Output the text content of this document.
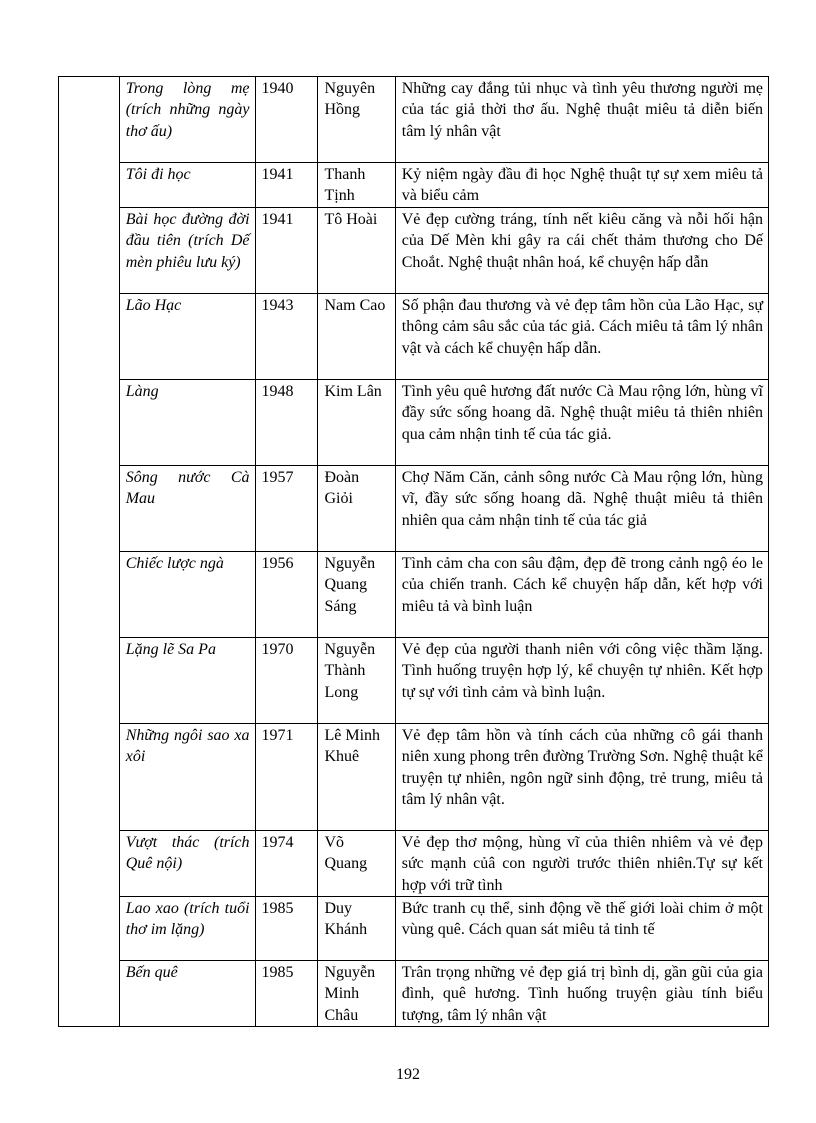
	Trong lòng mẹ (trích những ngày thơ ấu)	1940	Nguyên Hồng	Những cay đắng tủi nhục và tình yêu thương người mẹ của tác giả thời thơ ấu. Nghệ thuật miêu tả diễn biến tâm lý nhân vật
	Tôi đi học	1941	Thanh Tịnh	Kỷ niệm ngày đầu đi học Nghệ thuật tự sự xem miêu tả và biểu cảm
	Bài học đường đời đầu tiên (trích Dế mèn phiêu lưu ký)	1941	Tô Hoài	Vẻ đẹp cường tráng, tính nết kiêu căng và nỗi hối hận của Dế Mèn khi gây ra cái chết thảm thương cho Dế Choắt. Nghệ thuật nhân hoá, kể chuyện hấp dẫn
	Lão Hạc	1943	Nam Cao	Số phận đau thương và vẻ đẹp tâm hồn của Lão Hạc, sự thông cảm sâu sắc của tác giả. Cách miêu tả tâm lý nhân vật và cách kể chuyện hấp dẫn.
	Làng	1948	Kim Lân	Tình yêu quê hương đất nước Cà Mau rộng lớn, hùng vĩ đầy sức sống hoang dã. Nghệ thuật miêu tả thiên nhiên qua cảm nhận tinh tế của tác giả.
	Sông nước Cà Mau	1957	Đoàn Giỏi	Chợ Năm Căn, cảnh sông nước Cà Mau rộng lớn, hùng vĩ, đầy sức sống hoang dã. Nghệ thuật miêu tả thiên nhiên qua cảm nhận tinh tế của tác giả
	Chiếc lược ngà	1956	Nguyễn Quang Sáng	Tình cảm cha con sâu đậm, đẹp đẽ trong cảnh ngộ éo le của chiến tranh. Cách kể chuyện hấp dẫn, kết hợp với miêu tả và bình luận
	Lặng lẽ Sa Pa	1970	Nguyễn Thành Long	Vẻ đẹp của người thanh niên với công việc thầm lặng. Tình huống truyện hợp lý, kể chuyện tự nhiên. Kết hợp tự sự với tình cảm và bình luận.
	Những ngôi sao xa xôi	1971	Lê Minh Khuê	Vẻ đẹp tâm hồn và tính cách của những cô gái thanh niên xung phong trên đường Trường Sơn. Nghệ thuật kể truyện tự nhiên, ngôn ngữ sinh động, trẻ trung, miêu tả tâm lý nhân vật.
	Vượt thác (trích Quê nội)	1974	Võ Quang	Vẻ đẹp thơ mộng, hùng vĩ của thiên nhiêm và vẻ đẹp sức mạnh củâ con người trước thiên nhiên.Tự sự kết hợp với trữ tình
	Lao xao (trích tuổi thơ im lặng)	1985	Duy Khánh	Bức tranh cụ thể, sinh động về thế giới loài chim ở một vùng quê. Cách quan sát miêu tả tinh tế
	Bến quê	1985	Nguyễn Minh Châu	Trân trọng những vẻ đẹp giá trị bình dị, gần gũi của gia đình, quê hương. Tình huống truyện giàu tính biểu tượng, tâm lý nhân vật
192
